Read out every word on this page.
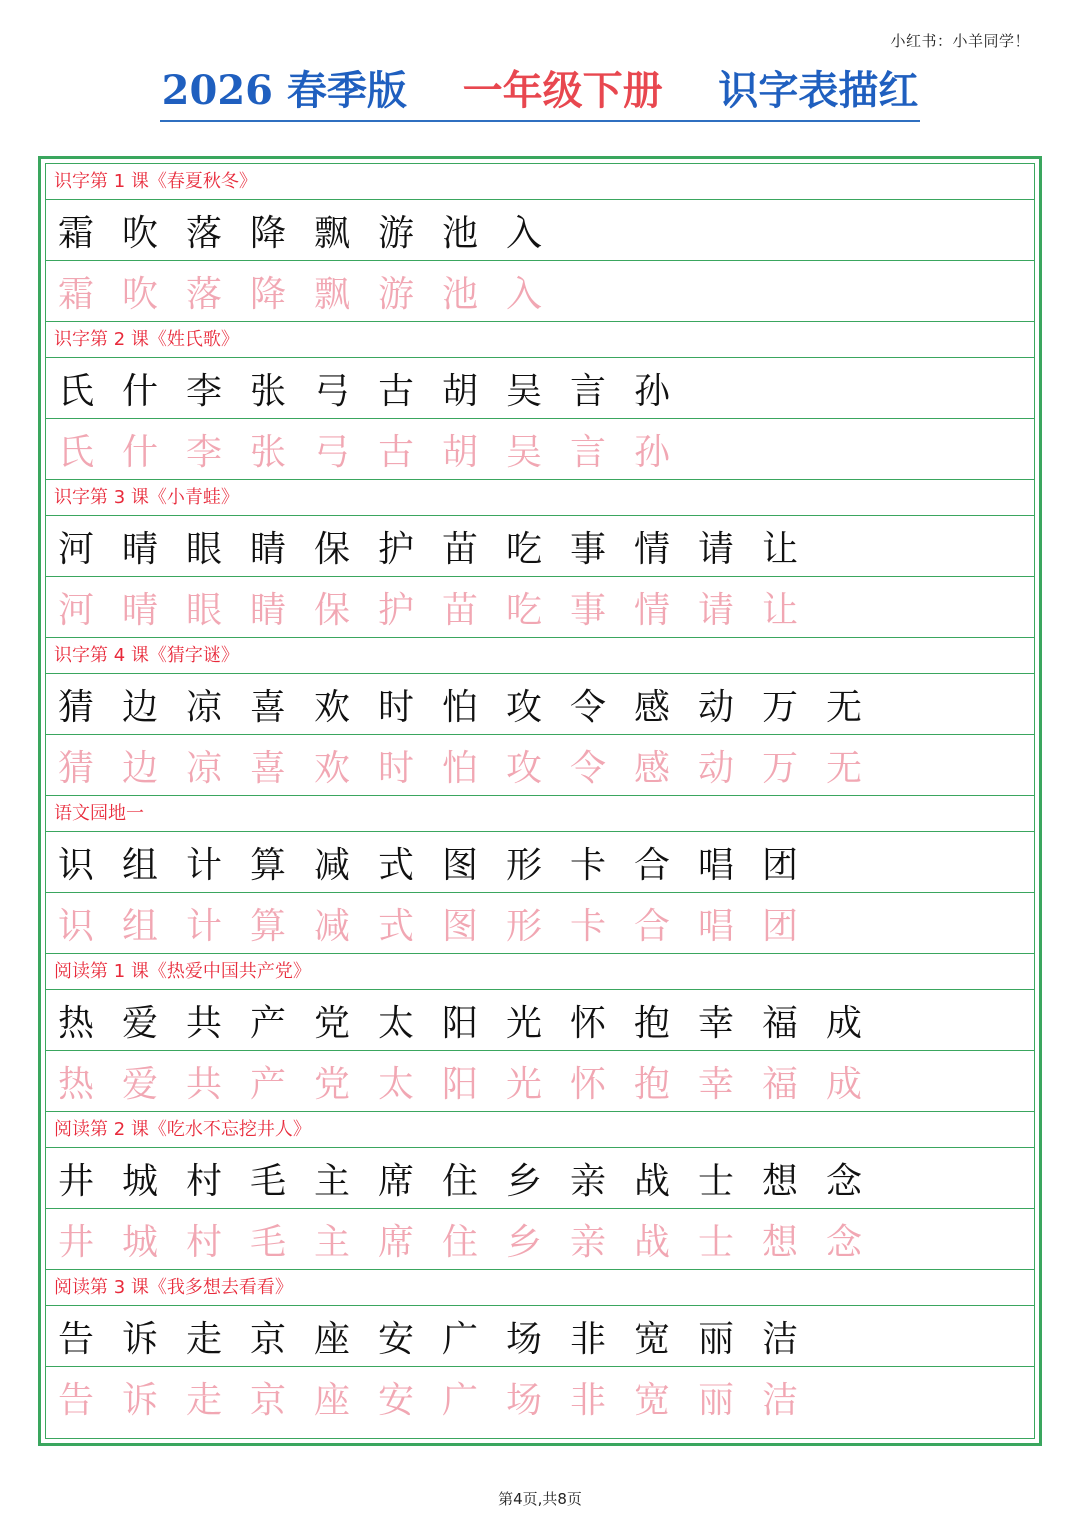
小红书：小羊同学！
2026 春季版 一年级下册 识字表描红
识字第 1 课《春夏秋冬》
霜 吹 落 降 飘 游 池 入
霜 吹 落 降 飘 游 池 入
识字第 2 课《姓氏歌》
氏 什 李 张 弓 古 胡 吴 言 孙
氏 什 李 张 弓 古 胡 吴 言 孙
识字第 3 课《小青蛙》
河 晴 眼 睛 保 护 苗 吃 事 情 请 让
河 晴 眼 睛 保 护 苗 吃 事 情 请 让
识字第 4 课《猜字谜》
猜 边 凉 喜 欢 时 怕 攻 令 感 动 万 无
猜 边 凉 喜 欢 时 怕 攻 令 感 动 万 无
语文园地一
识 组 计 算 减 式 图 形 卡 合 唱 团
识 组 计 算 减 式 图 形 卡 合 唱 团
阅读第 1 课《热爱中国共产党》
热 爱 共 产 党 太 阳 光 怀 抱 幸 福 成
热 爱 共 产 党 太 阳 光 怀 抱 幸 福 成
阅读第 2 课《吃水不忘挖井人》
井 城 村 毛 主 席 住 乡 亲 战 士 想 念
井 城 村 毛 主 席 住 乡 亲 战 士 想 念
阅读第 3 课《我多想去看看》
告 诉 走 京 座 安 广 场 非 宽 丽 洁
告 诉 走 京 座 安 广 场 非 宽 丽 洁
第4页,共8页
